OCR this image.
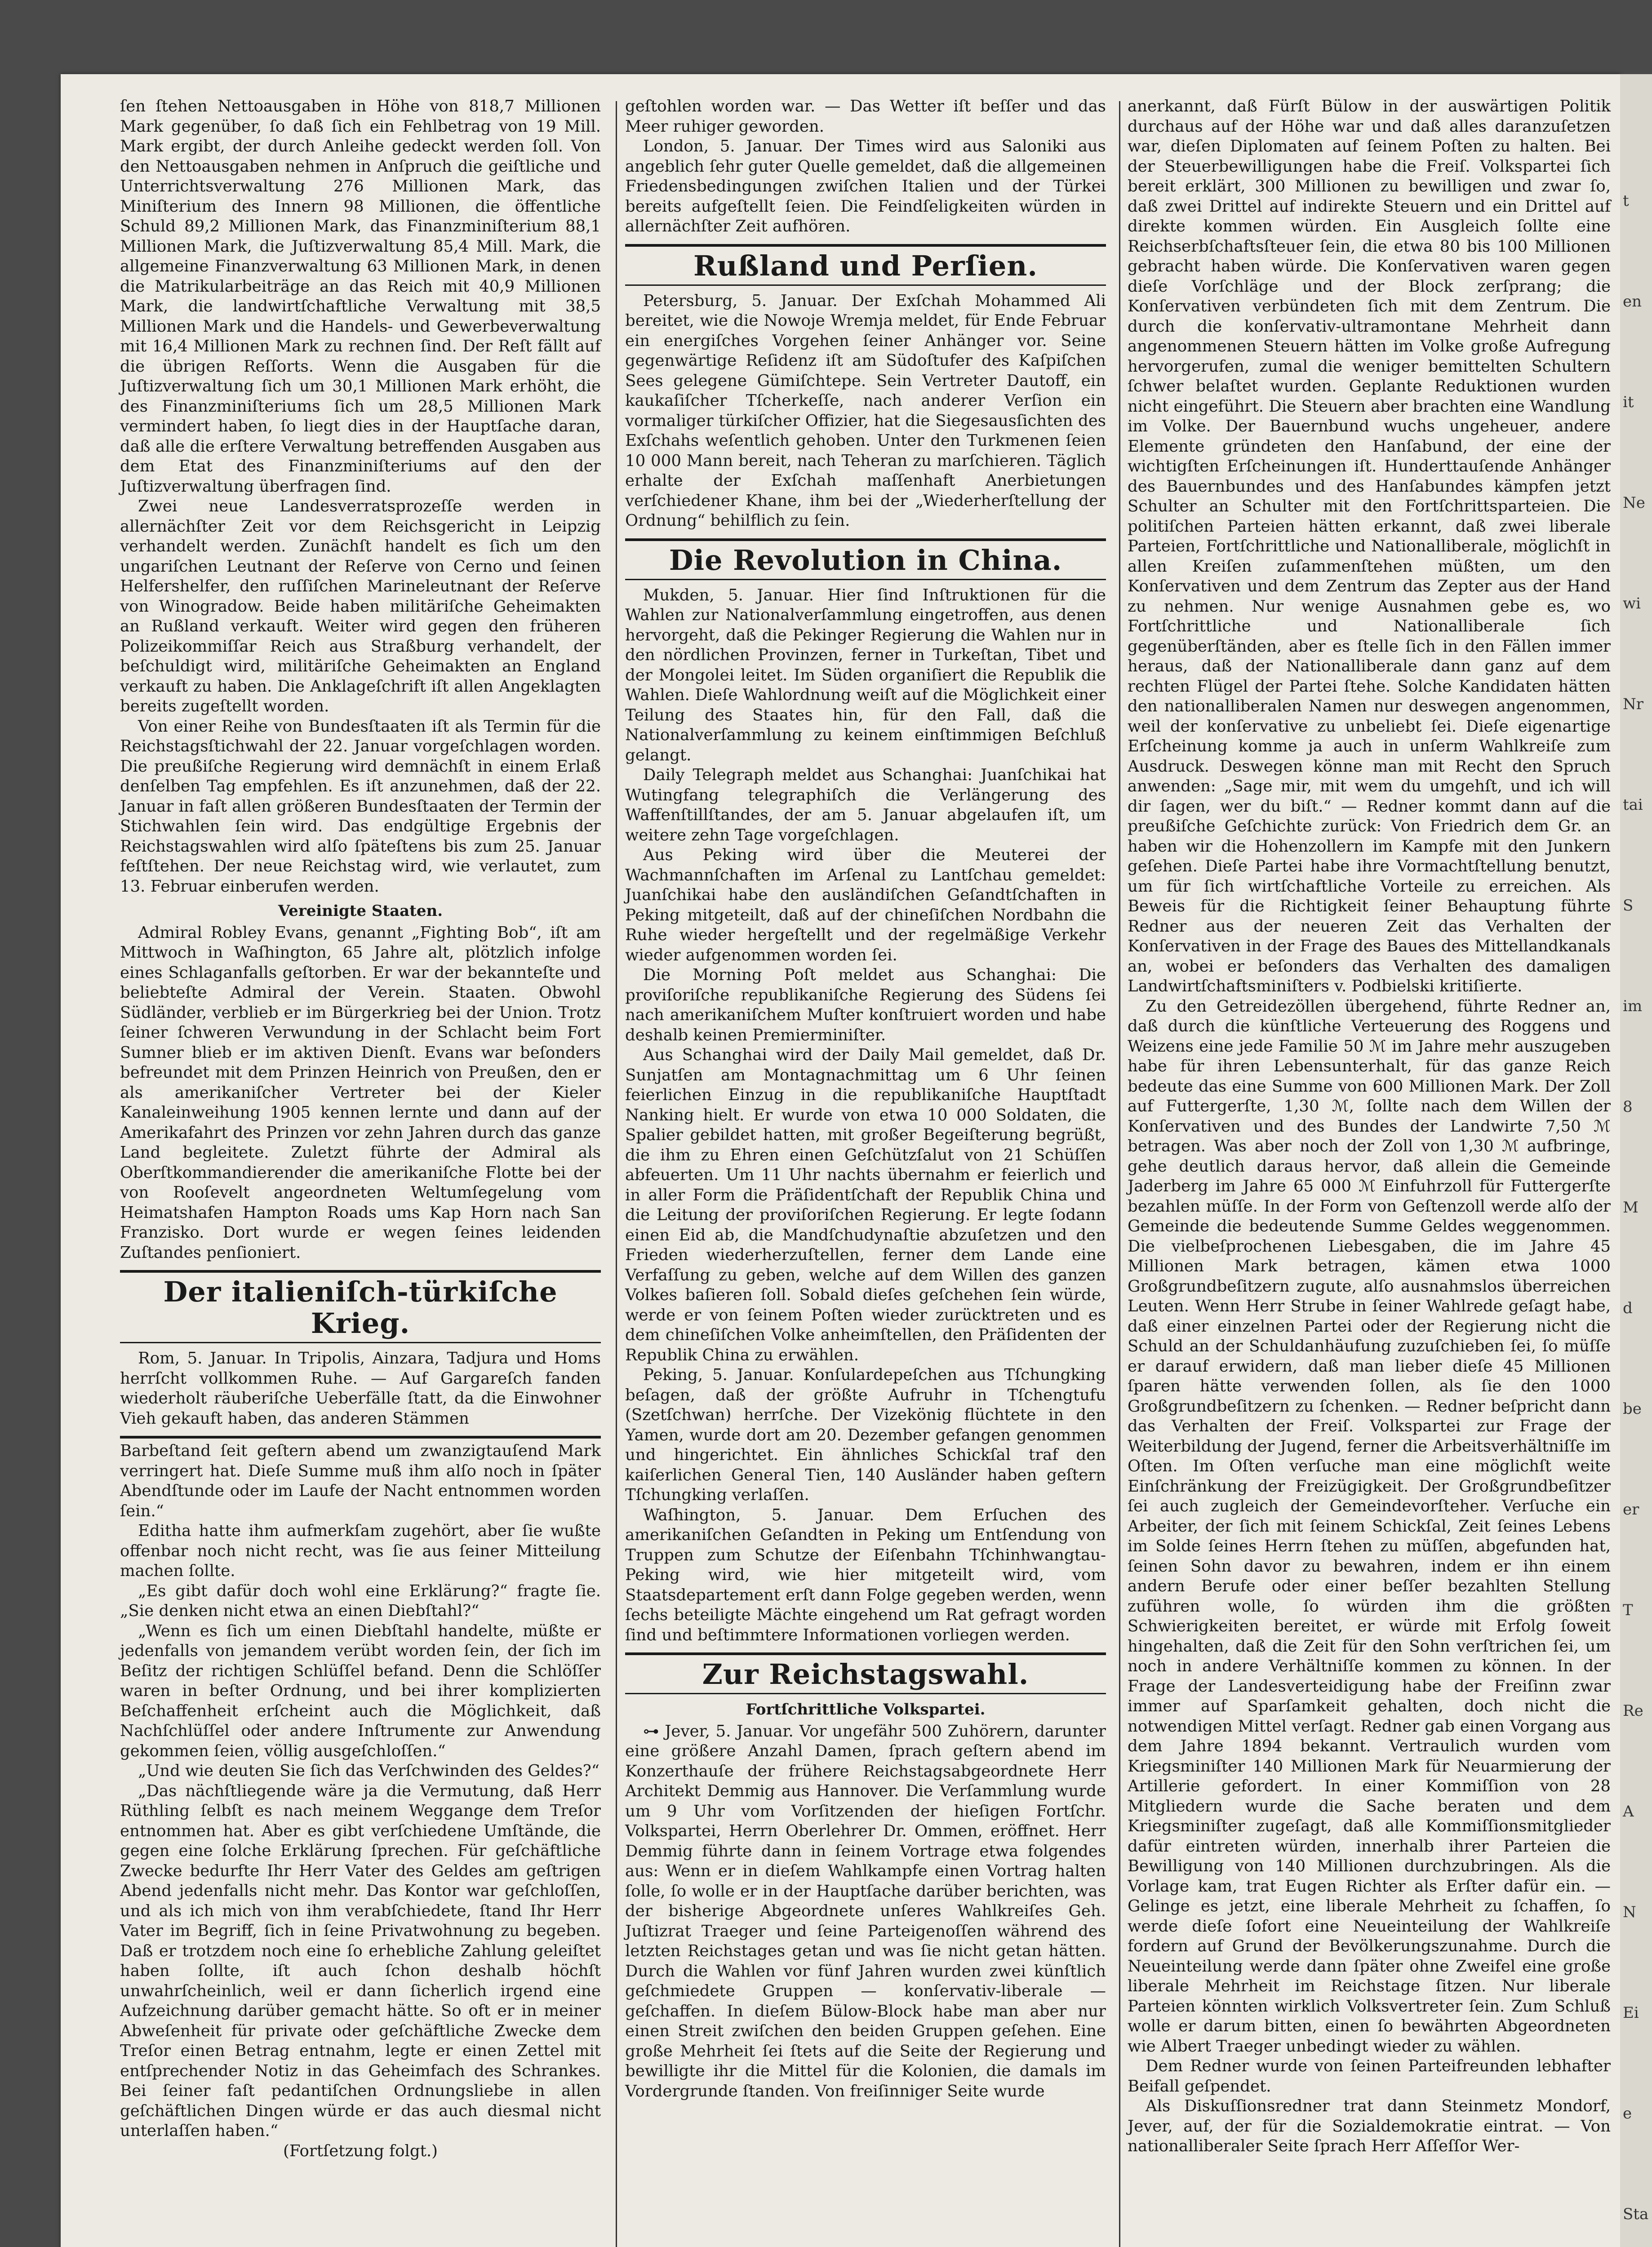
ſen ſtehen Nettoausgaben in Höhe von 818,7 Millionen Mark gegenüber, ſo daß ſich ein Fehlbetrag von 19 Mill. Mark ergibt, der durch Anleihe gedeckt werden ſoll. Von den Nettoausgaben nehmen in Anſpruch die geiſtliche und Unterrichtsverwaltung 276 Millionen Mark, das Miniſterium des Innern 98 Millionen, die öffentliche Schuld 89,2 Millionen Mark, das Finanzminiſterium 88,1 Millionen Mark, die Juſtizverwaltung 85,4 Mill. Mark, die allgemeine Finanzverwaltung 63 Millionen Mark, in denen die Matrikularbeiträge an das Reich mit 40,9 Millionen Mark, die landwirtſchaftliche Verwaltung mit 38,5 Millionen Mark und die Handels- und Gewerbeverwaltung mit 16,4 Millionen Mark zu rechnen ſind. Der Reſt fällt auf die übrigen Reſſorts. Wenn die Ausgaben für die Juſtizverwaltung ſich um 30,1 Millionen Mark erhöht, die des Finanzminiſteriums ſich um 28,5 Millionen Mark vermindert haben, ſo liegt dies in der Hauptſache daran, daß alle die erſtere Verwaltung betreffenden Ausgaben aus dem Etat des Finanzminiſteriums auf den der Juſtizverwaltung überfragen ſind.

Zwei neue Landesverratsprozeſſe werden in allernächſter Zeit vor dem Reichsgericht in Leipzig verhandelt werden. Zunächſt handelt es ſich um den ungariſchen Leutnant der Reſerve von Cerno und ſeinen Helfershelfer, den ruſſiſchen Marineleutnant der Reſerve von Winogradow. Beide haben militäriſche Geheimakten an Rußland verkauft. Weiter wird gegen den früheren Polizeikommiſſar Reich aus Straßburg verhandelt, der beſchuldigt wird, militäriſche Geheimakten an England verkauft zu haben. Die Anklageſchrift iſt allen Angeklagten bereits zugeſtellt worden.

Von einer Reihe von Bundesſtaaten iſt als Termin für die Reichstagsſtichwahl der 22. Januar vorgeſchlagen worden. Die preußiſche Regierung wird demnächſt in einem Erlaß denſelben Tag empfehlen. Es iſt anzunehmen, daß der 22. Januar in faſt allen größeren Bundesſtaaten der Termin der Stichwahlen ſein wird. Das endgültige Ergebnis der Reichstagswahlen wird alſo ſpäteſtens bis zum 25. Januar feſtſtehen. Der neue Reichstag wird, wie verlautet, zum 13. Februar einberufen werden.

Vereinigte Staaten.

Admiral Robley Evans, genannt „Fighting Bob“, iſt am Mittwoch in Waſhington, 65 Jahre alt, plötzlich infolge eines Schlaganfalls geſtorben. Er war der bekannteſte und beliebteſte Admiral der Verein. Staaten. Obwohl Südländer, verblieb er im Bürgerkrieg bei der Union. Trotz ſeiner ſchweren Verwundung in der Schlacht beim Fort Sumner blieb er im aktiven Dienſt. Evans war beſonders befreundet mit dem Prinzen Heinrich von Preußen, den er als amerikaniſcher Vertreter bei der Kieler Kanaleinweihung 1905 kennen lernte und dann auf der Amerikafahrt des Prinzen vor zehn Jahren durch das ganze Land begleitete. Zuletzt führte der Admiral als Oberſtkommandierender die amerikaniſche Flotte bei der von Rooſevelt angeordneten Weltumſegelung vom Heimatshafen Hampton Roads ums Kap Horn nach San Franzisko. Dort wurde er wegen ſeines leidenden Zuſtandes penſioniert.

Der italieniſch-türkiſche Krieg.

Rom, 5. Januar. In Tripolis, Ainzara, Tadjura und Homs herrſcht vollkommen Ruhe. — Auf Gargareſch fanden wiederholt räuberiſche Ueberfälle ſtatt, da die Einwohner Vieh gekauft haben, das anderen Stämmen

Barbeſtand ſeit geſtern abend um zwanzigtauſend Mark verringert hat. Dieſe Summe muß ihm alſo noch in ſpäter Abendſtunde oder im Laufe der Nacht entnommen worden ſein.“

Editha hatte ihm aufmerkſam zugehört, aber ſie wußte offenbar noch nicht recht, was ſie aus ſeiner Mitteilung machen ſollte.

„Es gibt dafür doch wohl eine Erklärung?“ fragte ſie. „Sie denken nicht etwa an einen Diebſtahl?“

„Wenn es ſich um einen Diebſtahl handelte, müßte er jedenfalls von jemandem verübt worden ſein, der ſich im Beſitz der richtigen Schlüſſel befand. Denn die Schlöſſer waren in beſter Ordnung, und bei ihrer komplizierten Beſchaffenheit erſcheint auch die Möglichkeit, daß Nachſchlüſſel oder andere Inſtrumente zur Anwendung gekommen ſeien, völlig ausgeſchloſſen.“

„Und wie deuten Sie ſich das Verſchwinden des Geldes?“

„Das nächſtliegende wäre ja die Vermutung, daß Herr Rüthling ſelbſt es nach meinem Weggange dem Treſor entnommen hat. Aber es gibt verſchiedene Umſtände, die gegen eine ſolche Erklärung ſprechen. Für geſchäftliche Zwecke bedurfte Ihr Herr Vater des Geldes am geſtrigen Abend jedenfalls nicht mehr. Das Kontor war geſchloſſen, und als ich mich von ihm verabſchiedete, ſtand Ihr Herr Vater im Begriff, ſich in ſeine Privatwohnung zu begeben. Daß er trotzdem noch eine ſo erhebliche Zahlung geleiſtet haben ſollte, iſt auch ſchon deshalb höchſt unwahrſcheinlich, weil er dann ſicherlich irgend eine Aufzeichnung darüber gemacht hätte. So oft er in meiner Abweſenheit für private oder geſchäftliche Zwecke dem Treſor einen Betrag entnahm, legte er einen Zettel mit entſprechender Notiz in das Geheimfach des Schrankes. Bei ſeiner faſt pedantiſchen Ordnungsliebe in allen geſchäftlichen Dingen würde er das auch diesmal nicht unterlaſſen haben.“

(Fortſetzung folgt.)

geſtohlen worden war. — Das Wetter iſt beſſer und das Meer ruhiger geworden.

London, 5. Januar. Der Times wird aus Saloniki aus angeblich ſehr guter Quelle gemeldet, daß die allgemeinen Friedensbedingungen zwiſchen Italien und der Türkei bereits aufgeſtellt ſeien. Die Feindſeligkeiten würden in allernächſter Zeit aufhören.

Rußland und Perſien.

Petersburg, 5. Januar. Der Exſchah Mohammed Ali bereitet, wie die Nowoje Wremja meldet, für Ende Februar ein energiſches Vorgehen ſeiner Anhänger vor. Seine gegenwärtige Reſidenz iſt am Südoſtufer des Kaſpiſchen Sees gelegene Gümiſchtepe. Sein Vertreter Dautoff, ein kaukaſiſcher Tſcherkeſſe, nach anderer Verſion ein vormaliger türkiſcher Offizier, hat die Siegesausſichten des Exſchahs weſentlich gehoben. Unter den Turkmenen ſeien 10 000 Mann bereit, nach Teheran zu marſchieren. Täglich erhalte der Exſchah maſſenhaft Anerbietungen verſchiedener Khane, ihm bei der „Wiederherſtellung der Ordnung“ behilflich zu ſein.

Die Revolution in China.

Mukden, 5. Januar. Hier ſind Inſtruktionen für die Wahlen zur Nationalverſammlung eingetroffen, aus denen hervorgeht, daß die Pekinger Regierung die Wahlen nur in den nördlichen Provinzen, ferner in Turkeſtan, Tibet und der Mongolei leitet. Im Süden organiſiert die Republik die Wahlen. Dieſe Wahlordnung weiſt auf die Möglichkeit einer Teilung des Staates hin, für den Fall, daß die Nationalverſammlung zu keinem einſtimmigen Beſchluß gelangt.

Daily Telegraph meldet aus Schanghai: Juanſchikai hat Wutingfang telegraphiſch die Verlängerung des Waffenſtillſtandes, der am 5. Januar abgelaufen iſt, um weitere zehn Tage vorgeſchlagen.

Aus Peking wird über die Meuterei der Wachmannſchaften im Arſenal zu Lantſchau gemeldet: Juanſchikai habe den ausländiſchen Geſandtſchaften in Peking mitgeteilt, daß auf der chineſiſchen Nordbahn die Ruhe wieder hergeſtellt und der regelmäßige Verkehr wieder aufgenommen worden ſei.

Die Morning Poſt meldet aus Schanghai: Die proviſoriſche republikaniſche Regierung des Südens ſei nach amerikaniſchem Muſter konſtruiert worden und habe deshalb keinen Premierminiſter.

Aus Schanghai wird der Daily Mail gemeldet, daß Dr. Sunjatſen am Montagnachmittag um 6 Uhr ſeinen feierlichen Einzug in die republikaniſche Hauptſtadt Nanking hielt. Er wurde von etwa 10 000 Soldaten, die Spalier gebildet hatten, mit großer Begeiſterung begrüßt, die ihm zu Ehren einen Geſchützſalut von 21 Schüſſen abfeuerten. Um 11 Uhr nachts übernahm er feierlich und in aller Form die Präſidentſchaft der Republik China und die Leitung der proviſoriſchen Regierung. Er legte ſodann einen Eid ab, die Mandſchudynaſtie abzuſetzen und den Frieden wiederherzuſtellen, ferner dem Lande eine Verfaſſung zu geben, welche auf dem Willen des ganzen Volkes baſieren ſoll. Sobald dieſes geſchehen ſein würde, werde er von ſeinem Poſten wieder zurücktreten und es dem chineſiſchen Volke anheimſtellen, den Präſidenten der Republik China zu erwählen.

Peking, 5. Januar. Konſulardepeſchen aus Tſchungking beſagen, daß der größte Aufruhr in Tſchengtufu (Szetſchwan) herrſche. Der Vizekönig flüchtete in den Yamen, wurde dort am 20. Dezember gefangen genommen und hingerichtet. Ein ähnliches Schickſal traf den kaiſerlichen General Tien, 140 Ausländer haben geſtern Tſchungking verlaſſen.

Waſhington, 5. Januar. Dem Erſuchen des amerikaniſchen Geſandten in Peking um Entſendung von Truppen zum Schutze der Eiſenbahn Tſchinhwangtau-Peking wird, wie hier mitgeteilt wird, vom Staatsdepartement erſt dann Folge gegeben werden, wenn ſechs beteiligte Mächte eingehend um Rat gefragt worden ſind und beſtimmtere Informationen vorliegen werden.

Zur Reichstagswahl.
Fortſchrittliche Volkspartei.

⊶ Jever, 5. Januar. Vor ungefähr 500 Zuhörern, darunter eine größere Anzahl Damen, ſprach geſtern abend im Konzerthauſe der frühere Reichstagsabgeordnete Herr Architekt Demmig aus Hannover. Die Verſammlung wurde um 9 Uhr vom Vorſitzenden der hieſigen Fortſchr. Volkspartei, Herrn Oberlehrer Dr. Ommen, eröffnet. Herr Demmig führte dann in ſeinem Vortrage etwa folgendes aus: Wenn er in dieſem Wahlkampfe einen Vortrag halten ſolle, ſo wolle er in der Hauptſache darüber berichten, was der bisherige Abgeordnete unſeres Wahlkreiſes Geh. Juſtizrat Traeger und ſeine Parteigenoſſen während des letzten Reichstages getan und was ſie nicht getan hätten. Durch die Wahlen vor fünf Jahren wurden zwei künſtlich geſchmiedete Gruppen — konſervativ-liberale — geſchaffen. In dieſem Bülow-Block habe man aber nur einen Streit zwiſchen den beiden Gruppen geſehen. Eine große Mehrheit ſei ſtets auf die Seite der Regierung und bewilligte ihr die Mittel für die Kolonien, die damals im Vordergrunde ſtanden. Von freiſinniger Seite wurde

anerkannt, daß Fürſt Bülow in der auswärtigen Politik durchaus auf der Höhe war und daß alles daranzuſetzen war, dieſen Diplomaten auf ſeinem Poſten zu halten. Bei der Steuerbewilligungen habe die Freiſ. Volkspartei ſich bereit erklärt, 300 Millionen zu bewilligen und zwar ſo, daß zwei Drittel auf indirekte Steuern und ein Drittel auf direkte kommen würden. Ein Ausgleich ſollte eine Reichserbſchaftsſteuer ſein, die etwa 80 bis 100 Millionen gebracht haben würde. Die Konſervativen waren gegen dieſe Vorſchläge und der Block zerſprang; die Konſervativen verbündeten ſich mit dem Zentrum. Die durch die konſervativ-ultramontane Mehrheit dann angenommenen Steuern hätten im Volke große Aufregung hervorgerufen, zumal die weniger bemittelten Schultern ſchwer belaſtet wurden. Geplante Reduktionen wurden nicht eingeführt. Die Steuern aber brachten eine Wandlung im Volke. Der Bauernbund wuchs ungeheuer, andere Elemente gründeten den Hanſabund, der eine der wichtigſten Erſcheinungen iſt. Hunderttauſende Anhänger des Bauernbundes und des Hanſabundes kämpfen jetzt Schulter an Schulter mit den Fortſchrittsparteien. Die politiſchen Parteien hätten erkannt, daß zwei liberale Parteien, Fortſchrittliche und Nationalliberale, möglichſt in allen Kreiſen zuſammenſtehen müßten, um den Konſervativen und dem Zentrum das Zepter aus der Hand zu nehmen. Nur wenige Ausnahmen gebe es, wo Fortſchrittliche und Nationalliberale ſich gegenüberſtänden, aber es ſtelle ſich in den Fällen immer heraus, daß der Nationalliberale dann ganz auf dem rechten Flügel der Partei ſtehe. Solche Kandidaten hätten den nationalliberalen Namen nur deswegen angenommen, weil der konſervative zu unbeliebt ſei. Dieſe eigenartige Erſcheinung komme ja auch in unſerm Wahlkreiſe zum Ausdruck. Deswegen könne man mit Recht den Spruch anwenden: „Sage mir, mit wem du umgehſt, und ich will dir ſagen, wer du biſt.“ — Redner kommt dann auf die preußiſche Geſchichte zurück: Von Friedrich dem Gr. an haben wir die Hohenzollern im Kampfe mit den Junkern geſehen. Dieſe Partei habe ihre Vormachtſtellung benutzt, um für ſich wirtſchaftliche Vorteile zu erreichen. Als Beweis für die Richtigkeit ſeiner Behauptung führte Redner aus der neueren Zeit das Verhalten der Konſervativen in der Frage des Baues des Mittellandkanals an, wobei er beſonders das Verhalten des damaligen Landwirtſchaftsminiſters v. Podbielski kritiſierte.

Zu den Getreidezöllen übergehend, führte Redner an, daß durch die künſtliche Verteuerung des Roggens und Weizens eine jede Familie 50 ℳ im Jahre mehr auszugeben habe für ihren Lebensunterhalt, für das ganze Reich bedeute das eine Summe von 600 Millionen Mark. Der Zoll auf Futtergerſte, 1,30 ℳ, ſollte nach dem Willen der Konſervativen und des Bundes der Landwirte 7,50 ℳ betragen. Was aber noch der Zoll von 1,30 ℳ aufbringe, gehe deutlich daraus hervor, daß allein die Gemeinde Jaderberg im Jahre 65 000 ℳ Einfuhrzoll für Futtergerſte bezahlen müſſe. In der Form von Geſtenzoll werde alſo der Gemeinde die bedeutende Summe Geldes weggenommen. Die vielbeſprochenen Liebesgaben, die im Jahre 45 Millionen Mark betragen, kämen etwa 1000 Großgrundbeſitzern zugute, alſo ausnahmslos überreichen Leuten. Wenn Herr Strube in ſeiner Wahlrede geſagt habe, daß einer einzelnen Partei oder der Regierung nicht die Schuld an der Schuldanhäufung zuzuſchieben ſei, ſo müſſe er darauf erwidern, daß man lieber dieſe 45 Millionen ſparen hätte verwenden ſollen, als ſie den 1000 Großgrundbeſitzern zu ſchenken. — Redner beſpricht dann das Verhalten der Freiſ. Volkspartei zur Frage der Weiterbildung der Jugend, ferner die Arbeitsverhältniſſe im Oſten. Im Oſten verſuche man eine möglichſt weite Einſchränkung der Freizügigkeit. Der Großgrundbeſitzer ſei auch zugleich der Gemeindevorſteher. Verſuche ein Arbeiter, der ſich mit ſeinem Schickſal, Zeit ſeines Lebens im Solde ſeines Herrn ſtehen zu müſſen, abgefunden hat, ſeinen Sohn davor zu bewahren, indem er ihn einem andern Berufe oder einer beſſer bezahlten Stellung zuführen wolle, ſo würden ihm die größten Schwierigkeiten bereitet, er würde mit Erfolg ſoweit hingehalten, daß die Zeit für den Sohn verſtrichen ſei, um noch in andere Verhältniſſe kommen zu können. In der Frage der Landesverteidigung habe der Freiſinn zwar immer auf Sparſamkeit gehalten, doch nicht die notwendigen Mittel verſagt. Redner gab einen Vorgang aus dem Jahre 1894 bekannt. Vertraulich wurden vom Kriegsminiſter 140 Millionen Mark für Neuarmierung der Artillerie gefordert. In einer Kommiſſion von 28 Mitgliedern wurde die Sache beraten und dem Kriegsminiſter zugeſagt, daß alle Kommiſſionsmitglieder dafür eintreten würden, innerhalb ihrer Parteien die Bewilligung von 140 Millionen durchzubringen. Als die Vorlage kam, trat Eugen Richter als Erſter dafür ein. — Gelinge es jetzt, eine liberale Mehrheit zu ſchaffen, ſo werde dieſe ſofort eine Neueinteilung der Wahlkreiſe fordern auf Grund der Bevölkerungszunahme. Durch die Neueinteilung werde dann ſpäter ohne Zweifel eine große liberale Mehrheit im Reichstage ſitzen. Nur liberale Parteien könnten wirklich Volksvertreter ſein. Zum Schluß wolle er darum bitten, einen ſo bewährten Abgeordneten wie Albert Traeger unbedingt wieder zu wählen.

Dem Redner wurde von ſeinen Parteifreunden lebhafter Beifall geſpendet.

Als Diskuſſionsredner trat dann Steinmetz Mondorf, Jever, auf, der für die Sozialdemokratie eintrat. — Von nationalliberaler Seite ſprach Herr Aſſeſſor Wer-

t
en
it
Ne
wi
Nr
tai
S
im
8
M
d
be
er
T
Re
A
N
Ei
e
Sta
